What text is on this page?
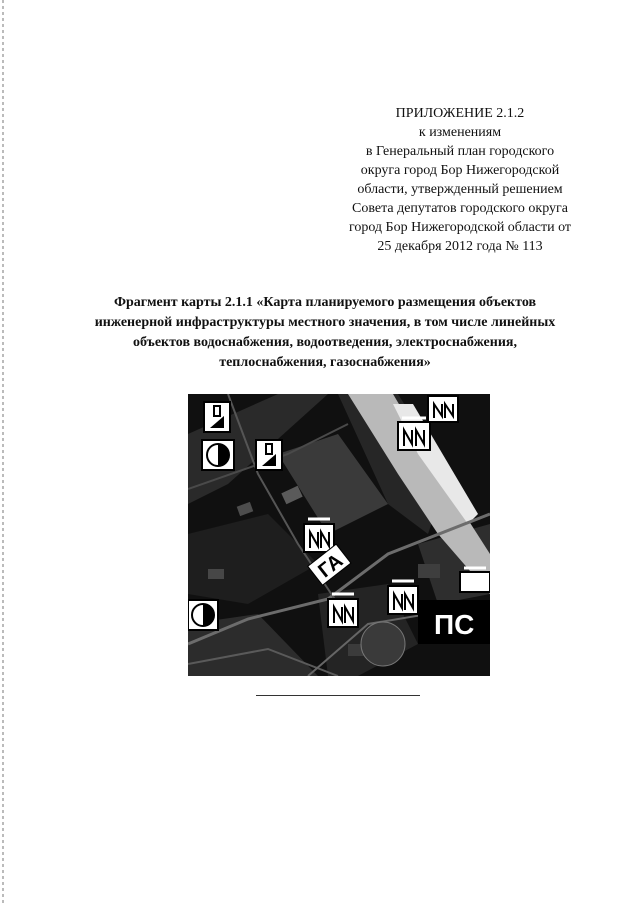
ПРИЛОЖЕНИЕ 2.1.2
к изменениям
в Генеральный план городского
округа город Бор Нижегородской
области, утвержденный решением
Совета депутатов городского округа
город Бор Нижегородской области от
25 декабря 2012 года № 113
Фрагмент карты 2.1.1 «Карта планируемого размещения объектов
инженерной инфраструктуры местного значения, в том числе линейных
объектов водоснабжения, водоотведения, электроснабжения,
теплоснабжения, газоснабжения»
ГА
ПС
